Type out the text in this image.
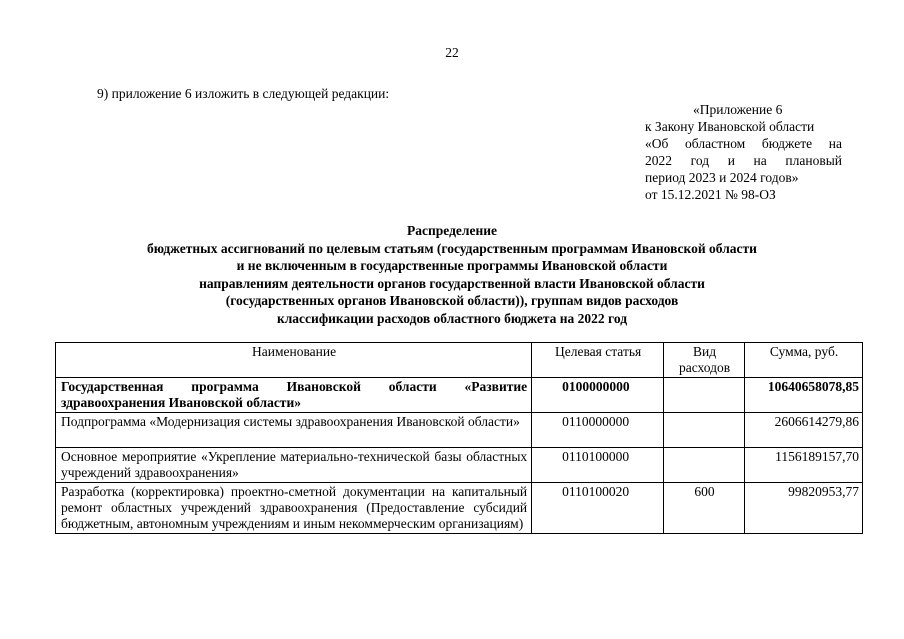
22
9) приложение 6 изложить в следующей редакции:
«Приложение 6
к Закону Ивановской области
«Об областном бюджете на
2022 год и на плановый
период 2023 и 2024 годов»
от 15.12.2021 № 98-ОЗ
Распределение
бюджетных ассигнований по целевым статьям (государственным программам Ивановской области
и не включенным в государственные программы Ивановской области
направлениям деятельности органов государственной власти Ивановской области
(государственных органов Ивановской области)), группам видов расходов
классификации расходов областного бюджета на 2022 год
Наименование	Целевая статья	Вид расходов	Сумма, руб.
Государственная программа Ивановской области «Развитие здравоохранения Ивановской области»	0100000000		10640658078,85
Подпрограмма «Модернизация системы здравоохранения Ивановской области»	0110000000		2606614279,86
Основное мероприятие «Укрепление материально-технической базы областных учреждений здравоохранения»	0110100000		1156189157,70
Разработка (корректировка) проектно-сметной документации на капитальный ремонт областных учреждений здравоохранения (Предоставление субсидий бюджетным, автономным учреждениям и иным некоммерческим организациям)	0110100020	600	99820953,77
